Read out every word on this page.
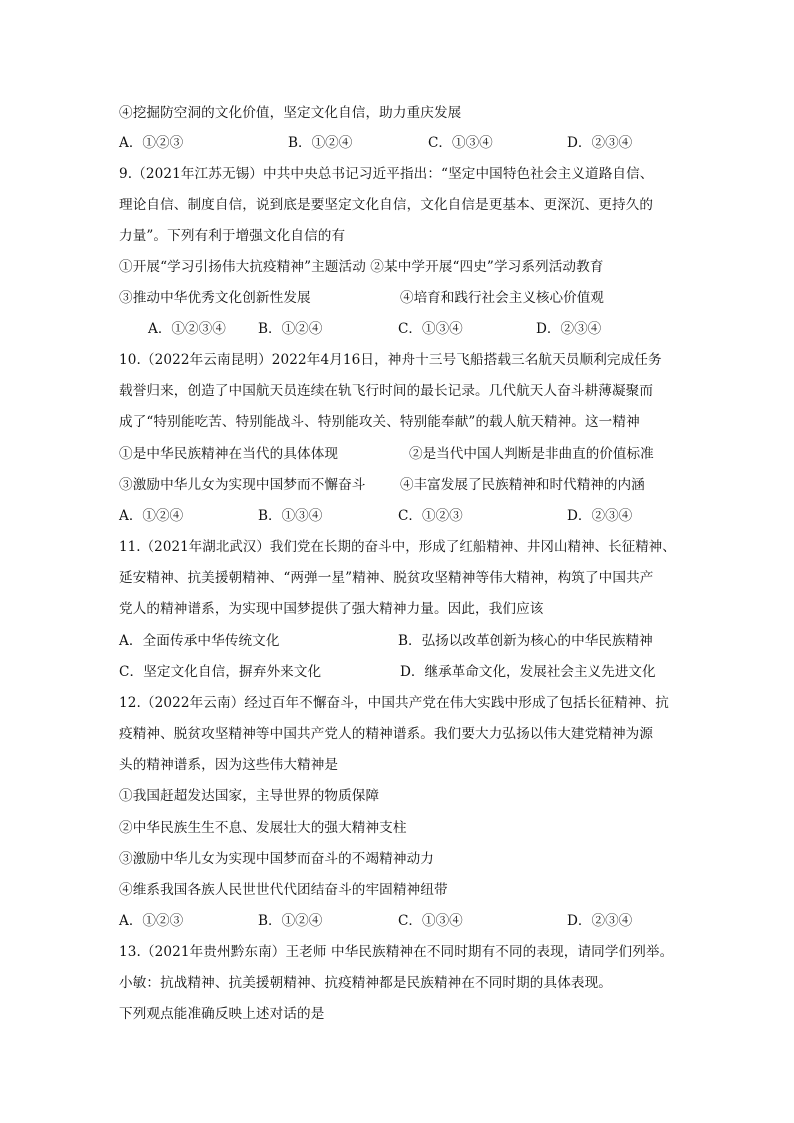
④挖掘防空洞的文化价值，坚定文化自信，助力重庆发展
A．①②③	B．①②④	C．①③④	D．②③④
9.（2021年江苏无锡）中共中央总书记习近平指出：“坚定中国特色社会主义道路自信、
理论自信、制度自信，说到底是要坚定文化自信，文化自信是更基本、更深沉、更持久的
力量”。下列有利于增强文化自信的有
①开展“学习引扬伟大抗疫精神”主题活动 ②某中学开展“四史”学习系列活动教育
③推动中华优秀文化创新性发展	④培育和践行社会主义核心价值观
A．①②③④ B．①②④	C．①③④	D．②③④
10.（2022年云南昆明）2022年4月16日，神舟十三号飞船搭载三名航天员顺利完成任务
载誉归来，创造了中国航天员连续在轨飞行时间的最长记录。几代航天人奋斗耕薄凝聚而
成了“特别能吃苦、特别能战斗、特别能攻关、特别能奉献”的载人航天精神。这一精神
①是中华民族精神在当代的具体体现	②是当代中国人判断是非曲直的价值标准
③激励中华儿女为实现中国梦而不懈奋斗	④丰富发展了民族精神和时代精神的内涵
A．①②④	B．①③④	C．①②③	D．②③④
11.（2021年湖北武汉）我们党在长期的奋斗中，形成了红船精神、井冈山精神、长征精神、
延安精神、抗美援朝精神、“两弹一星”精神、脱贫攻坚精神等伟大精神，构筑了中国共产
党人的精神谱系，为实现中国梦提供了强大精神力量。因此，我们应该
A．全面传承中华传统文化	B．弘扬以改革创新为核心的中华民族精神
C．坚定文化自信，摒弃外来文化	D．继承革命文化，发展社会主义先进文化
12.（2022年云南）经过百年不懈奋斗，中国共产党在伟大实践中形成了包括长征精神、抗
疫精神、脱贫攻坚精神等中国共产党人的精神谱系。我们要大力弘扬以伟大建党精神为源
头的精神谱系，因为这些伟大精神是
①我国赶超发达国家，主导世界的物质保障
②中华民族生生不息、发展壮大的强大精神支柱
③激励中华儿女为实现中国梦而奋斗的不竭精神动力
④维系我国各族人民世世代代团结奋斗的牢固精神纽带
A．①②③	B．①②④	C．①③④	D．②③④
13.（2021年贵州黔东南）王老师 中华民族精神在不同时期有不同的表现，请同学们列举。
小敏：抗战精神、抗美援朝精神、抗疫精神都是民族精神在不同时期的具体表现。
下列观点能准确反映上述对话的是
